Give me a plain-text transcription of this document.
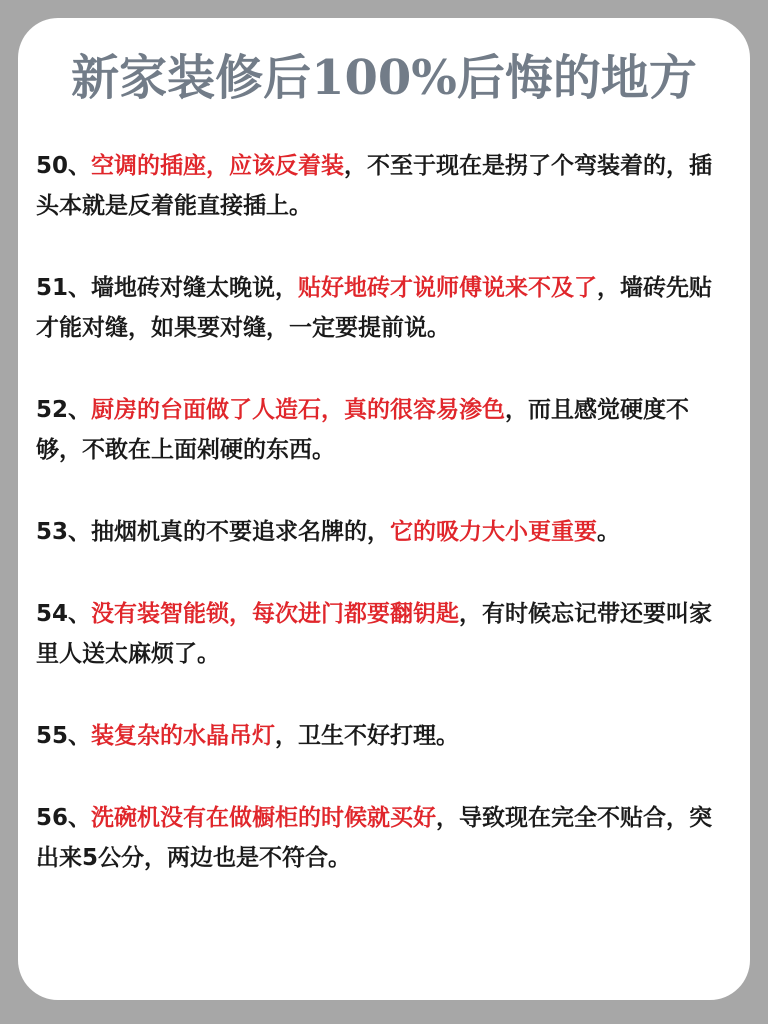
新家装修后100%后悔的地方
50、空调的插座，应该反着装，不至于现在是拐了个弯装着的，插头本就是反着能直接插上。
51、墙地砖对缝太晚说，贴好地砖才说师傅说来不及了，墙砖先贴才能对缝，如果要对缝，一定要提前说。
52、厨房的台面做了人造石，真的很容易渗色，而且感觉硬度不够，不敢在上面剁硬的东西。
53、抽烟机真的不要追求名牌的，它的吸力大小更重要。
54、没有装智能锁，每次进门都要翻钥匙，有时候忘记带还要叫家里人送太麻烦了。
55、装复杂的水晶吊灯，卫生不好打理。
56、洗碗机没有在做橱柜的时候就买好，导致现在完全不贴合，突出来5公分，两边也是不符合。
